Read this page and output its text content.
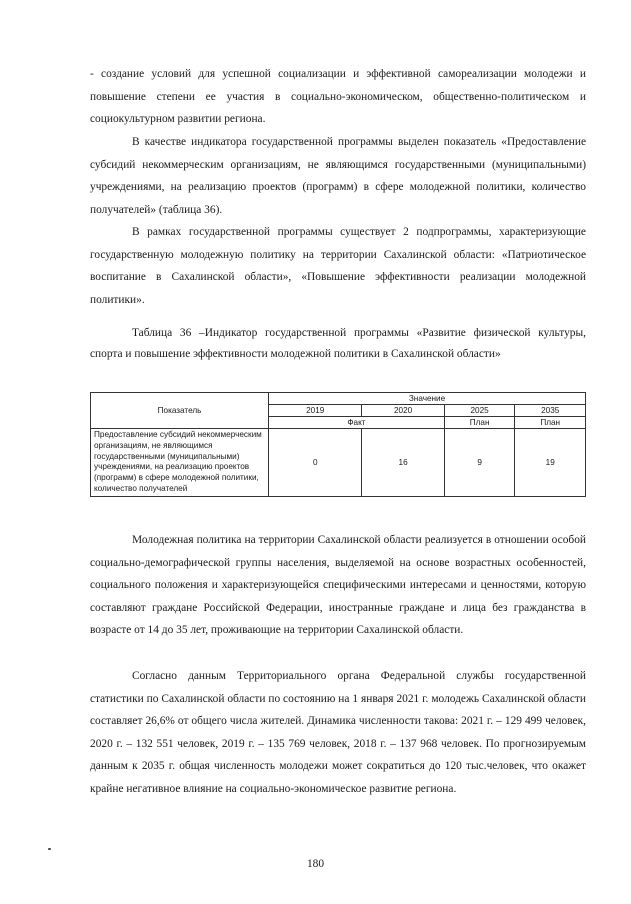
- создание условий для успешной социализации и эффективной самореализации молодежи и повышение степени ее участия в социально-экономическом, общественно-политическом и социокультурном развитии региона.

В качестве индикатора государственной программы выделен показатель «Предоставление субсидий некоммерческим организациям, не являющимся государственными (муниципальными) учреждениями, на реализацию проектов (программ) в сфере молодежной политики, количество получателей» (таблица 36).

В рамках государственной программы существует 2 подпрограммы, характеризующие государственную молодежную политику на территории Сахалинской области: «Патриотическое воспитание в Сахалинской области», «Повышение эффективности реализации молодежной политики».

Таблица 36 –Индикатор государственной программы «Развитие физической культуры, спорта и повышение эффективности молодежной политики в Сахалинской области»

Показатель	Значение			
	2019	2020	2025	2035
	Факт		План	План
Предоставление субсидий некоммерческим организациям, не являющимся государственными (муниципальными) учреждениями, на реализацию проектов (программ) в сфере молодежной политики, количество получателей	0	16	9	19

Молодежная политика на территории Сахалинской области реализуется в отношении особой социально-демографической группы населения, выделяемой на основе возрастных особенностей, социального положения и характеризующейся специфическими интересами и ценностями, которую составляют граждане Российской Федерации, иностранные граждане и лица без гражданства в возрасте от 14 до 35 лет, проживающие на территории Сахалинской области.

Согласно данным Территориального органа Федеральной службы государственной статистики по Сахалинской области по состоянию на 1 января 2021 г. молодежь Сахалинской области составляет 26,6% от общего числа жителей. Динамика численности такова: 2021 г. – 129 499 человек, 2020 г. – 132 551 человек, 2019 г. – 135 769 человек, 2018 г. – 137 968 человек. По прогнозируемым данным к 2035 г. общая численность молодежи может сократиться до 120 тыс.человек, что окажет крайне негативное влияние на социально-экономическое развитие региона.

180
